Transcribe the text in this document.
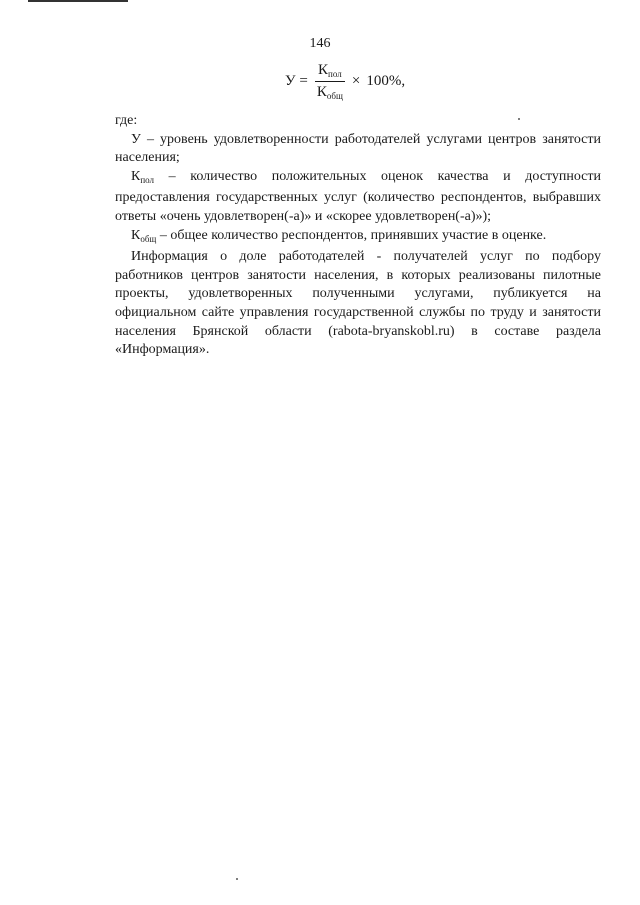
146
$У = \frac{К_{пол}}{К_{общ}} \times 100\%$,

где:

У – уровень удовлетворенности работодателей услугами центров занятости населения;

$К_{пол}$ – количество положительных оценок качества и доступности предоставления государственных услуг (количество респондентов, выбравших ответы «очень удовлетворен(-а)» и «скорее удовлетворен(-а)»);

$К_{общ}$ – общее количество респондентов, принявших участие в оценке.

Информация о доле работодателей - получателей услуг по подбору работников центров занятости населения, в которых реализованы пилотные проекты, удовлетворенных полученными услугами, публикуется на официальном сайте управления государственной службы по труду и занятости населения Брянской области (rabota-bryanskobl.ru) в составе раздела «Информация».
